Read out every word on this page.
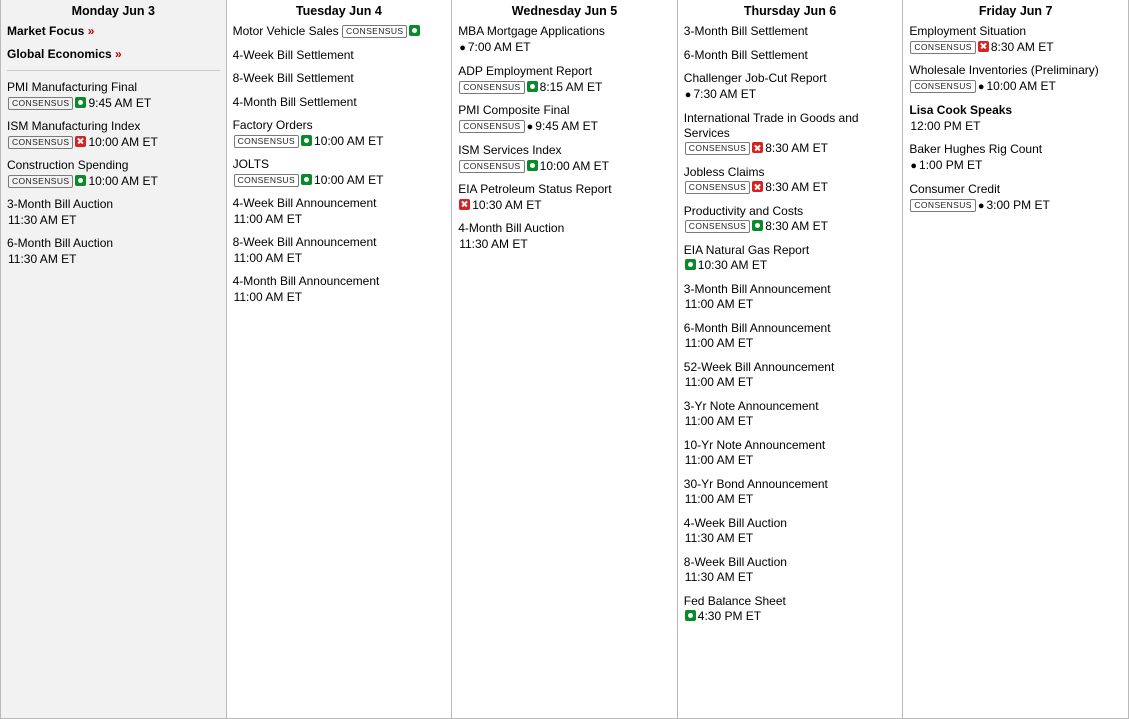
Monday Jun 3
Market Focus »
Global Economics »
PMI Manufacturing Final
CONSENSUS 9:45 AM ET
ISM Manufacturing Index
CONSENSUS 10:00 AM ET
Construction Spending
CONSENSUS 10:00 AM ET
3-Month Bill Auction
11:30 AM ET
6-Month Bill Auction
11:30 AM ET
Tuesday Jun 4
Motor Vehicle Sales CONSENSUS
4-Week Bill Settlement
8-Week Bill Settlement
4-Month Bill Settlement
Factory Orders
CONSENSUS 10:00 AM ET
JOLTS
CONSENSUS 10:00 AM ET
4-Week Bill Announcement
11:00 AM ET
8-Week Bill Announcement
11:00 AM ET
4-Month Bill Announcement
11:00 AM ET
Wednesday Jun 5
MBA Mortgage Applications
● 7:00 AM ET
ADP Employment Report
CONSENSUS 8:15 AM ET
PMI Composite Final
CONSENSUS ● 9:45 AM ET
ISM Services Index
CONSENSUS 10:00 AM ET
EIA Petroleum Status Report
10:30 AM ET
4-Month Bill Auction
11:30 AM ET
Thursday Jun 6
3-Month Bill Settlement
6-Month Bill Settlement
Challenger Job-Cut Report
● 7:30 AM ET
International Trade in Goods and Services
CONSENSUS 8:30 AM ET
Jobless Claims
CONSENSUS 8:30 AM ET
Productivity and Costs
CONSENSUS 8:30 AM ET
EIA Natural Gas Report
10:30 AM ET
3-Month Bill Announcement
11:00 AM ET
6-Month Bill Announcement
11:00 AM ET
52-Week Bill Announcement
11:00 AM ET
3-Yr Note Announcement
11:00 AM ET
10-Yr Note Announcement
11:00 AM ET
30-Yr Bond Announcement
11:00 AM ET
4-Week Bill Auction
11:30 AM ET
8-Week Bill Auction
11:30 AM ET
Fed Balance Sheet
4:30 PM ET
Friday Jun 7
Employment Situation
CONSENSUS 8:30 AM ET
Wholesale Inventories (Preliminary)
CONSENSUS ● 10:00 AM ET
Lisa Cook Speaks
12:00 PM ET
Baker Hughes Rig Count
● 1:00 PM ET
Consumer Credit
CONSENSUS ● 3:00 PM ET
